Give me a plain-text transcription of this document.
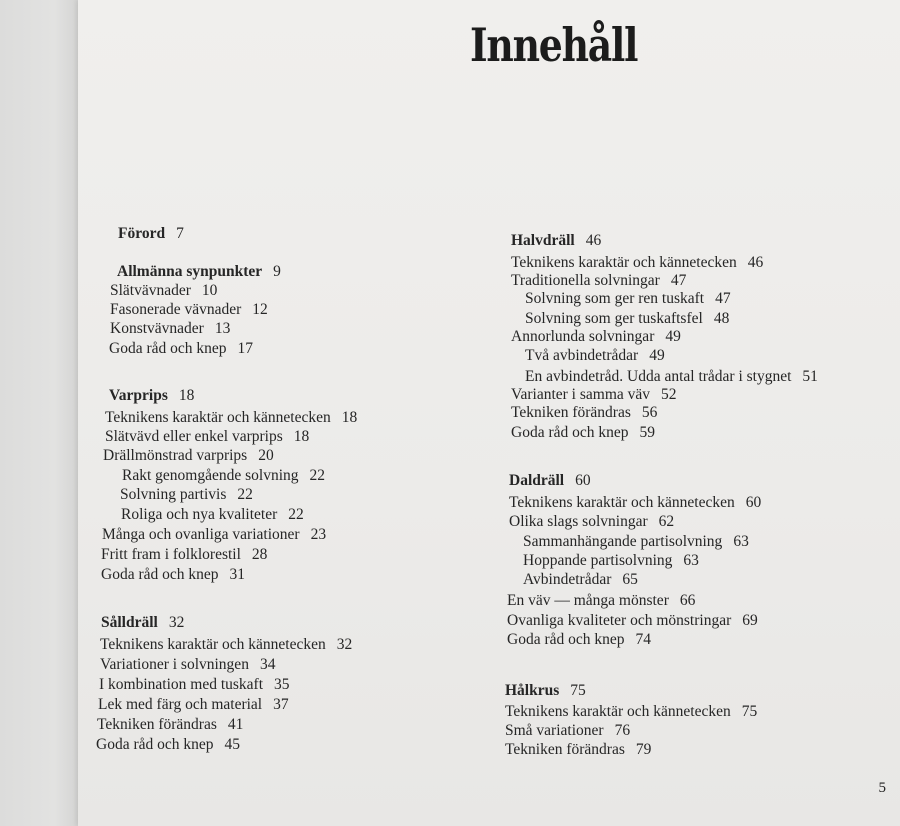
Innehåll
Förord 7
Allmänna synpunkter 9
Slätvävnader 10
Fasonerade vävnader 12
Konstvävnader 13
Goda råd och knep 17
Varprips 18
Teknikens karaktär och kännetecken 18
Slätvävd eller enkel varprips 18
Drällmönstrad varprips 20
Rakt genomgående solvning 22
Solvning partivis 22
Roliga och nya kvaliteter 22
Många och ovanliga variationer 23
Fritt fram i folklorestil 28
Goda råd och knep 31
Sålldräll 32
Teknikens karaktär och kännetecken 32
Variationer i solvningen 34
I kombination med tuskaft 35
Lek med färg och material 37
Tekniken förändras 41
Goda råd och knep 45
Halvdräll 46
Teknikens karaktär och kännetecken 46
Traditionella solvningar 47
Solvning som ger ren tuskaft 47
Solvning som ger tuskaftsfel 48
Annorlunda solvningar 49
Två avbindetrådar 49
En avbindetråd. Udda antal trådar i stygnet 51
Varianter i samma väv 52
Tekniken förändras 56
Goda råd och knep 59
Daldräll 60
Teknikens karaktär och kännetecken 60
Olika slags solvningar 62
Sammanhängande partisolvning 63
Hoppande partisolvning 63
Avbindetrådar 65
En väv — många mönster 66
Ovanliga kvaliteter och mönstringar 69
Goda råd och knep 74
Hålkrus 75
Teknikens karaktär och kännetecken 75
Små variationer 76
Tekniken förändras 79
5
